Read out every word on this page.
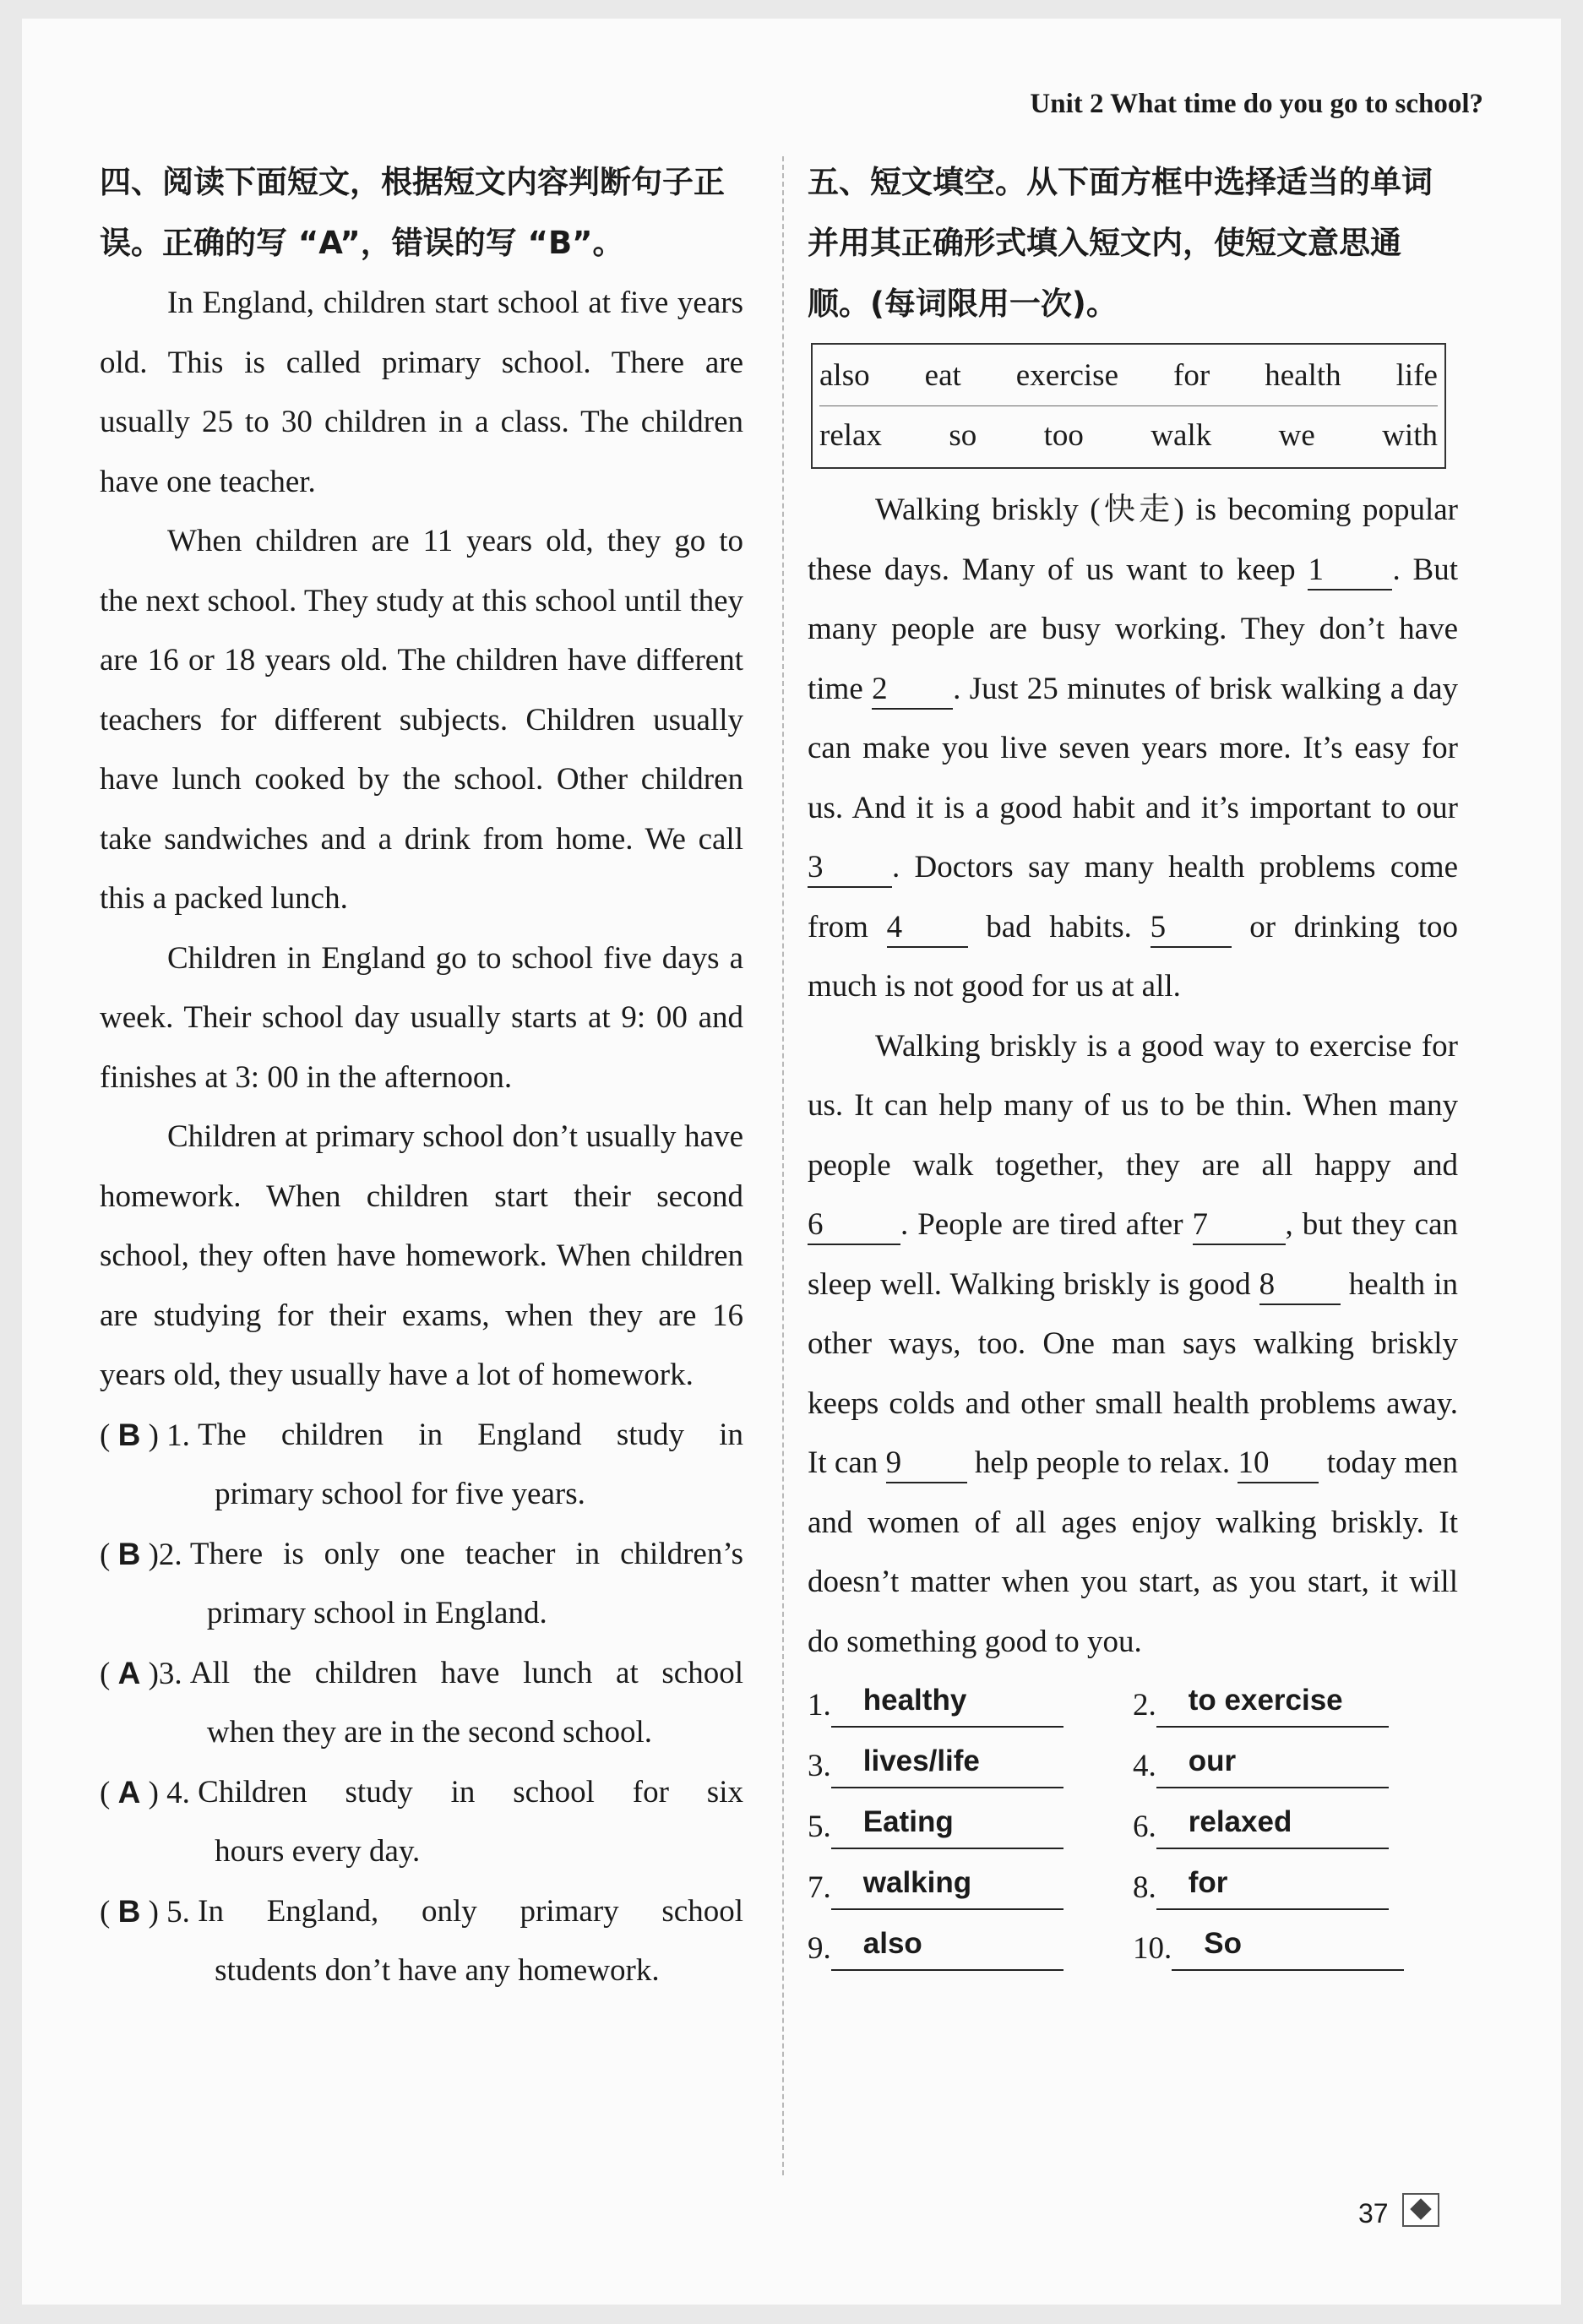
Unit 2 What time do you go to school?

四、阅读下面短文，根据短文内容判断句子正误。正确的写 “A”，错误的写 “B”。

In England, children start school at five years old. This is called primary school. There are usually 25 to 30 children in a class. The children have one teacher.

When children are 11 years old, they go to the next school. They study at this school until they are 16 or 18 years old. The children have different teachers for different subjects. Children usually have lunch cooked by the school. Other children take sandwiches and a drink from home. We call this a packed lunch.

Children in England go to school five days a week. Their school day usually starts at 9: 00 and finishes at 3: 00 in the afternoon.

Children at primary school don’t usually have homework. When children start their second school, they often have homework. When children are studying for their exams, when they are 16 years old, they usually have a lot of homework.

( B ) 1. The children in England study in
primary school for five years.
( B )2. There is only one teacher in children’s
primary school in England.
( A )3. All the children have lunch at school
when they are in the second school.
( A ) 4. Children study in school for six
hours every day.
( B ) 5. In England, only primary school
students don’t have any homework.

五、短文填空。从下面方框中选择适当的单词并用其正确形式填入短文内，使短文意思通顺。(每词限用一次)。

also eat exercise for health life
relax so too walk we with

Walking briskly (快走) is becoming popular these days. Many of us want to keep 1 . But many people are busy working. They don’t have time 2 . Just 25 minutes of brisk walking a day can make you live seven years more. It’s easy for us. And it is a good habit and it’s important to our 3 . Doctors say many health problems come from 4 bad habits. 5 or drinking too much is not good for us at all.

Walking briskly is a good way to exercise for us. It can help many of us to be thin. When many people walk together, they are all happy and 6 . People are tired after 7 , but they can sleep well. Walking briskly is good 8 health in other ways, too. One man says walking briskly keeps colds and other small health problems away. It can 9 help people to relax. 10 today men and women of all ages enjoy walking briskly. It doesn’t matter when you start, as you start, it will do something good to you.

1.	healthy	2.	to exercise
3.	lives/life	4.	our
5.	Eating	6.	relaxed
7.	walking	8.	for
9.	also	10.	So
37
